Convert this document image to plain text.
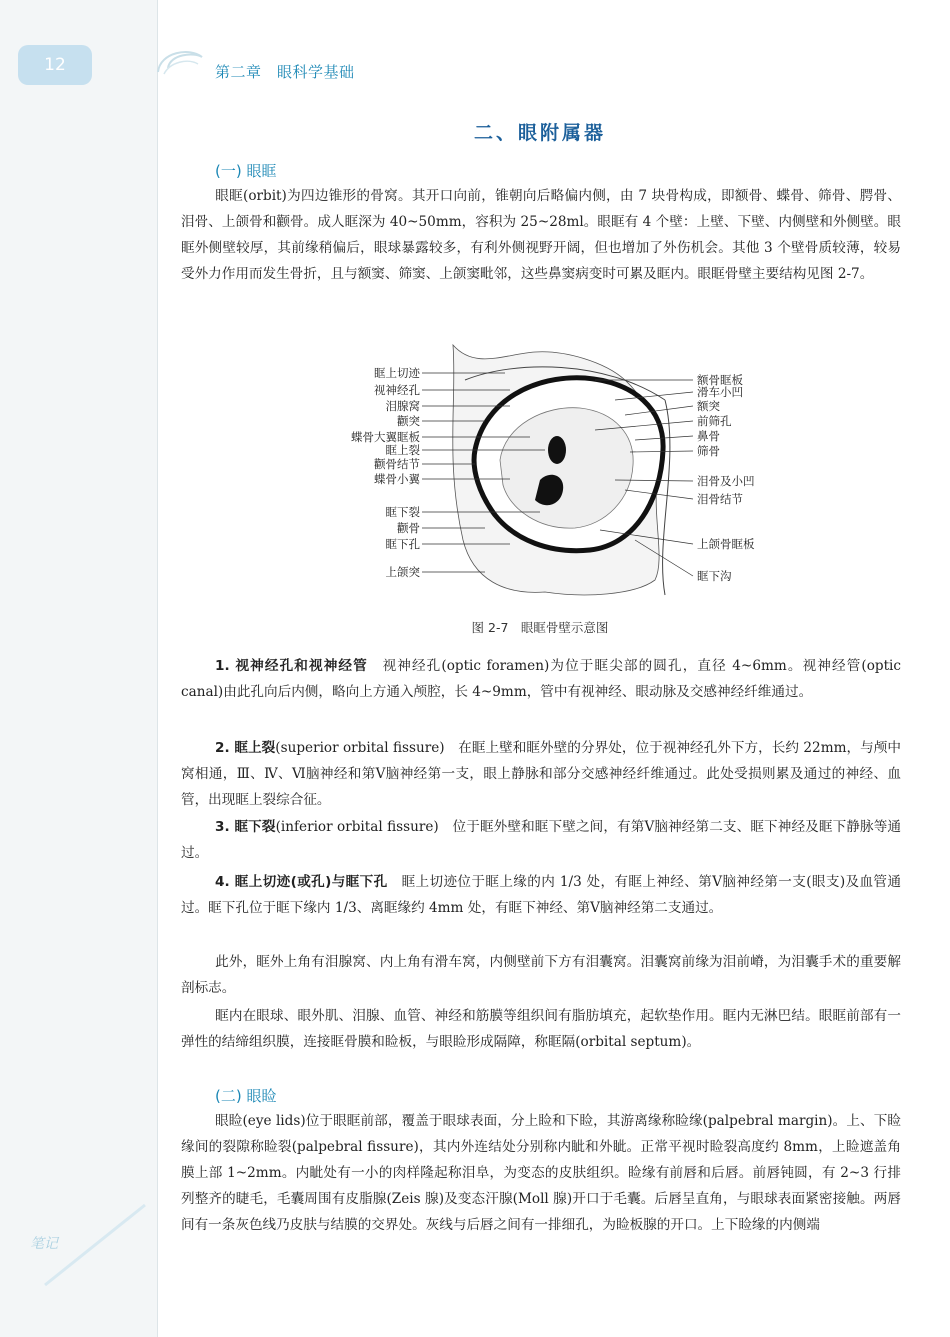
12	第二章　眼科学基础
二、眼附属器
(一) 眼眶

眼眶(orbit)为四边锥形的骨窝。其开口向前，锥朝向后略偏内侧，由 7 块骨构成，即额骨、蝶骨、筛骨、腭骨、泪骨、上颌骨和颧骨。成人眶深为 40~50mm，容积为 25~28ml。眼眶有 4 个壁：上壁、下壁、内侧壁和外侧壁。眼眶外侧壁较厚，其前缘稍偏后，眼球暴露较多，有利外侧视野开阔，但也增加了外伤机会。其他 3 个壁骨质较薄，较易受外力作用而发生骨折，且与额窦、筛窦、上颌窦毗邻，这些鼻窦病变时可累及眶内。眼眶骨壁主要结构见图 2-7。

眶上切迹
视神经孔
泪腺窝
颧突
蝶骨大翼眶板
眶上裂
颧骨结节
蝶骨小翼
眶下裂
颧骨
眶下孔
上颌突
额骨眶板
滑车小凹
额突
前筛孔
鼻骨
筛骨
泪骨及小凹
泪骨结节
上颌骨眶板
眶下沟
图 2-7　眼眶骨壁示意图

1. 视神经孔和视神经管　 视神经孔(optic foramen)为位于眶尖部的圆孔，直径 4~6mm。视神经管(optic canal)由此孔向后内侧，略向上方通入颅腔，长 4~9mm，管中有视神经、眼动脉及交感神经纤维通过。

2. 眶上裂(superior orbital fissure)　在眶上壁和眶外壁的分界处，位于视神经孔外下方，长约 22mm，与颅中窝相通，Ⅲ、Ⅳ、Ⅵ脑神经和第Ⅴ脑神经第一支，眼上静脉和部分交感神经纤维通过。此处受损则累及通过的神经、血管，出现眶上裂综合征。

3. 眶下裂(inferior orbital fissure)　位于眶外壁和眶下壁之间，有第Ⅴ脑神经第二支、眶下神经及眶下静脉等通过。

4. 眶上切迹(或孔)与眶下孔　 眶上切迹位于眶上缘的内 1/3 处，有眶上神经、第Ⅴ脑神经第一支(眼支)及血管通过。眶下孔位于眶下缘内 1/3、离眶缘约 4mm 处，有眶下神经、第Ⅴ脑神经第二支通过。

此外，眶外上角有泪腺窝、内上角有滑车窝，内侧壁前下方有泪囊窝。泪囊窝前缘为泪前嵴，为泪囊手术的重要解剖标志。

眶内在眼球、眼外肌、泪腺、血管、神经和筋膜等组织间有脂肪填充，起软垫作用。眶内无淋巴结。眼眶前部有一弹性的结缔组织膜，连接眶骨膜和睑板，与眼睑形成隔障，称眶隔(orbital septum)。

(二) 眼睑

眼睑(eye lids)位于眼眶前部，覆盖于眼球表面，分上睑和下睑，其游离缘称睑缘(palpebral margin)。上、下睑缘间的裂隙称睑裂(palpebral fissure)，其内外连结处分别称内眦和外眦。正常平视时睑裂高度约 8mm，上睑遮盖角膜上部 1~2mm。内眦处有一小的肉样隆起称泪阜，为变态的皮肤组织。睑缘有前唇和后唇。前唇钝圆，有 2~3 行排列整齐的睫毛，毛囊周围有皮脂腺(Zeis 腺)及变态汗腺(Moll 腺)开口于毛囊。后唇呈直角，与眼球表面紧密接触。两唇间有一条灰色线乃皮肤与结膜的交界处。灰线与后唇之间有一排细孔，为睑板腺的开口。上下睑缘的内侧端

笔记
